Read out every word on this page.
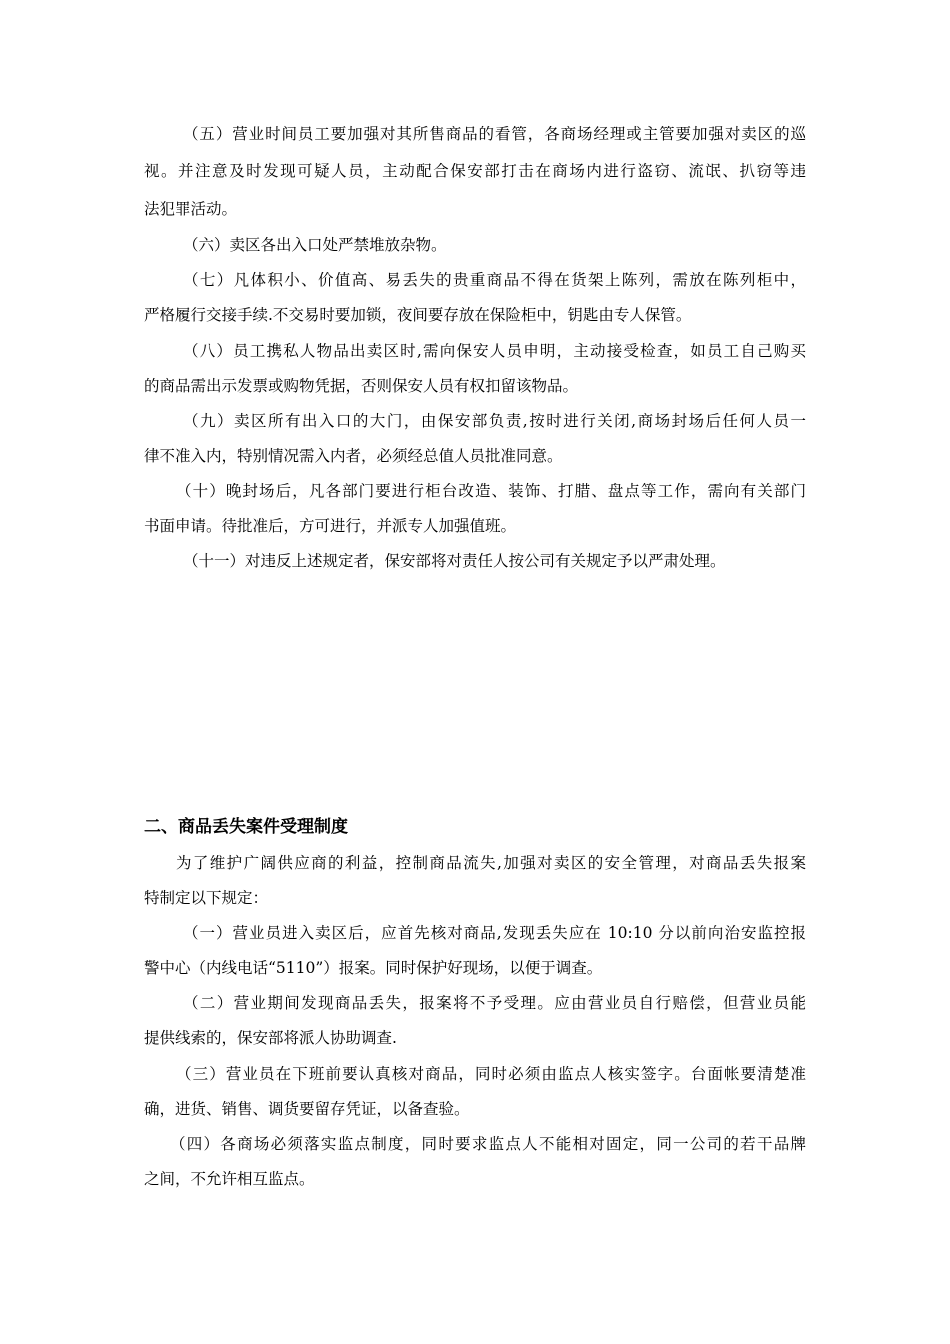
（五）营业时间员工要加强对其所售商品的看管，各商场经理或主管要加强对卖区的巡
视。并注意及时发现可疑人员，主动配合保安部打击在商场内进行盗窃、流氓、扒窃等违
法犯罪活动。
（六）卖区各出入口处严禁堆放杂物。
（七）凡体积小、价值高、易丢失的贵重商品不得在货架上陈列，需放在陈列柜中，
严格履行交接手续.不交易时要加锁，夜间要存放在保险柜中，钥匙由专人保管。
（八）员工携私人物品出卖区时,需向保安人员申明，主动接受检查，如员工自己购买
的商品需出示发票或购物凭据，否则保安人员有权扣留该物品。
（九）卖区所有出入口的大门，由保安部负责,按时进行关闭,商场封场后任何人员一
律不准入内，特别情况需入内者，必须经总值人员批准同意。
（十）晚封场后，凡各部门要进行柜台改造、装饰、打腊、盘点等工作，需向有关部门
书面申请。待批准后，方可进行，并派专人加强值班。
（十一）对违反上述规定者，保安部将对责任人按公司有关规定予以严肃处理。
二、商品丢失案件受理制度
为了维护广阔供应商的利益，控制商品流失,加强对卖区的安全管理，对商品丢失报案
特制定以下规定：
（一）营业员进入卖区后，应首先核对商品,发现丢失应在 10:10 分以前向治安监控报
警中心（内线电话“5110”）报案。同时保护好现场，以便于调查。
（二）营业期间发现商品丢失，报案将不予受理。应由营业员自行赔偿，但营业员能
提供线索的，保安部将派人协助调查.
（三）营业员在下班前要认真核对商品，同时必须由监点人核实签字。台面帐要清楚准
确，进货、销售、调货要留存凭证，以备查验。
（四）各商场必须落实监点制度，同时要求监点人不能相对固定，同一公司的若干品牌
之间，不允许相互监点。
